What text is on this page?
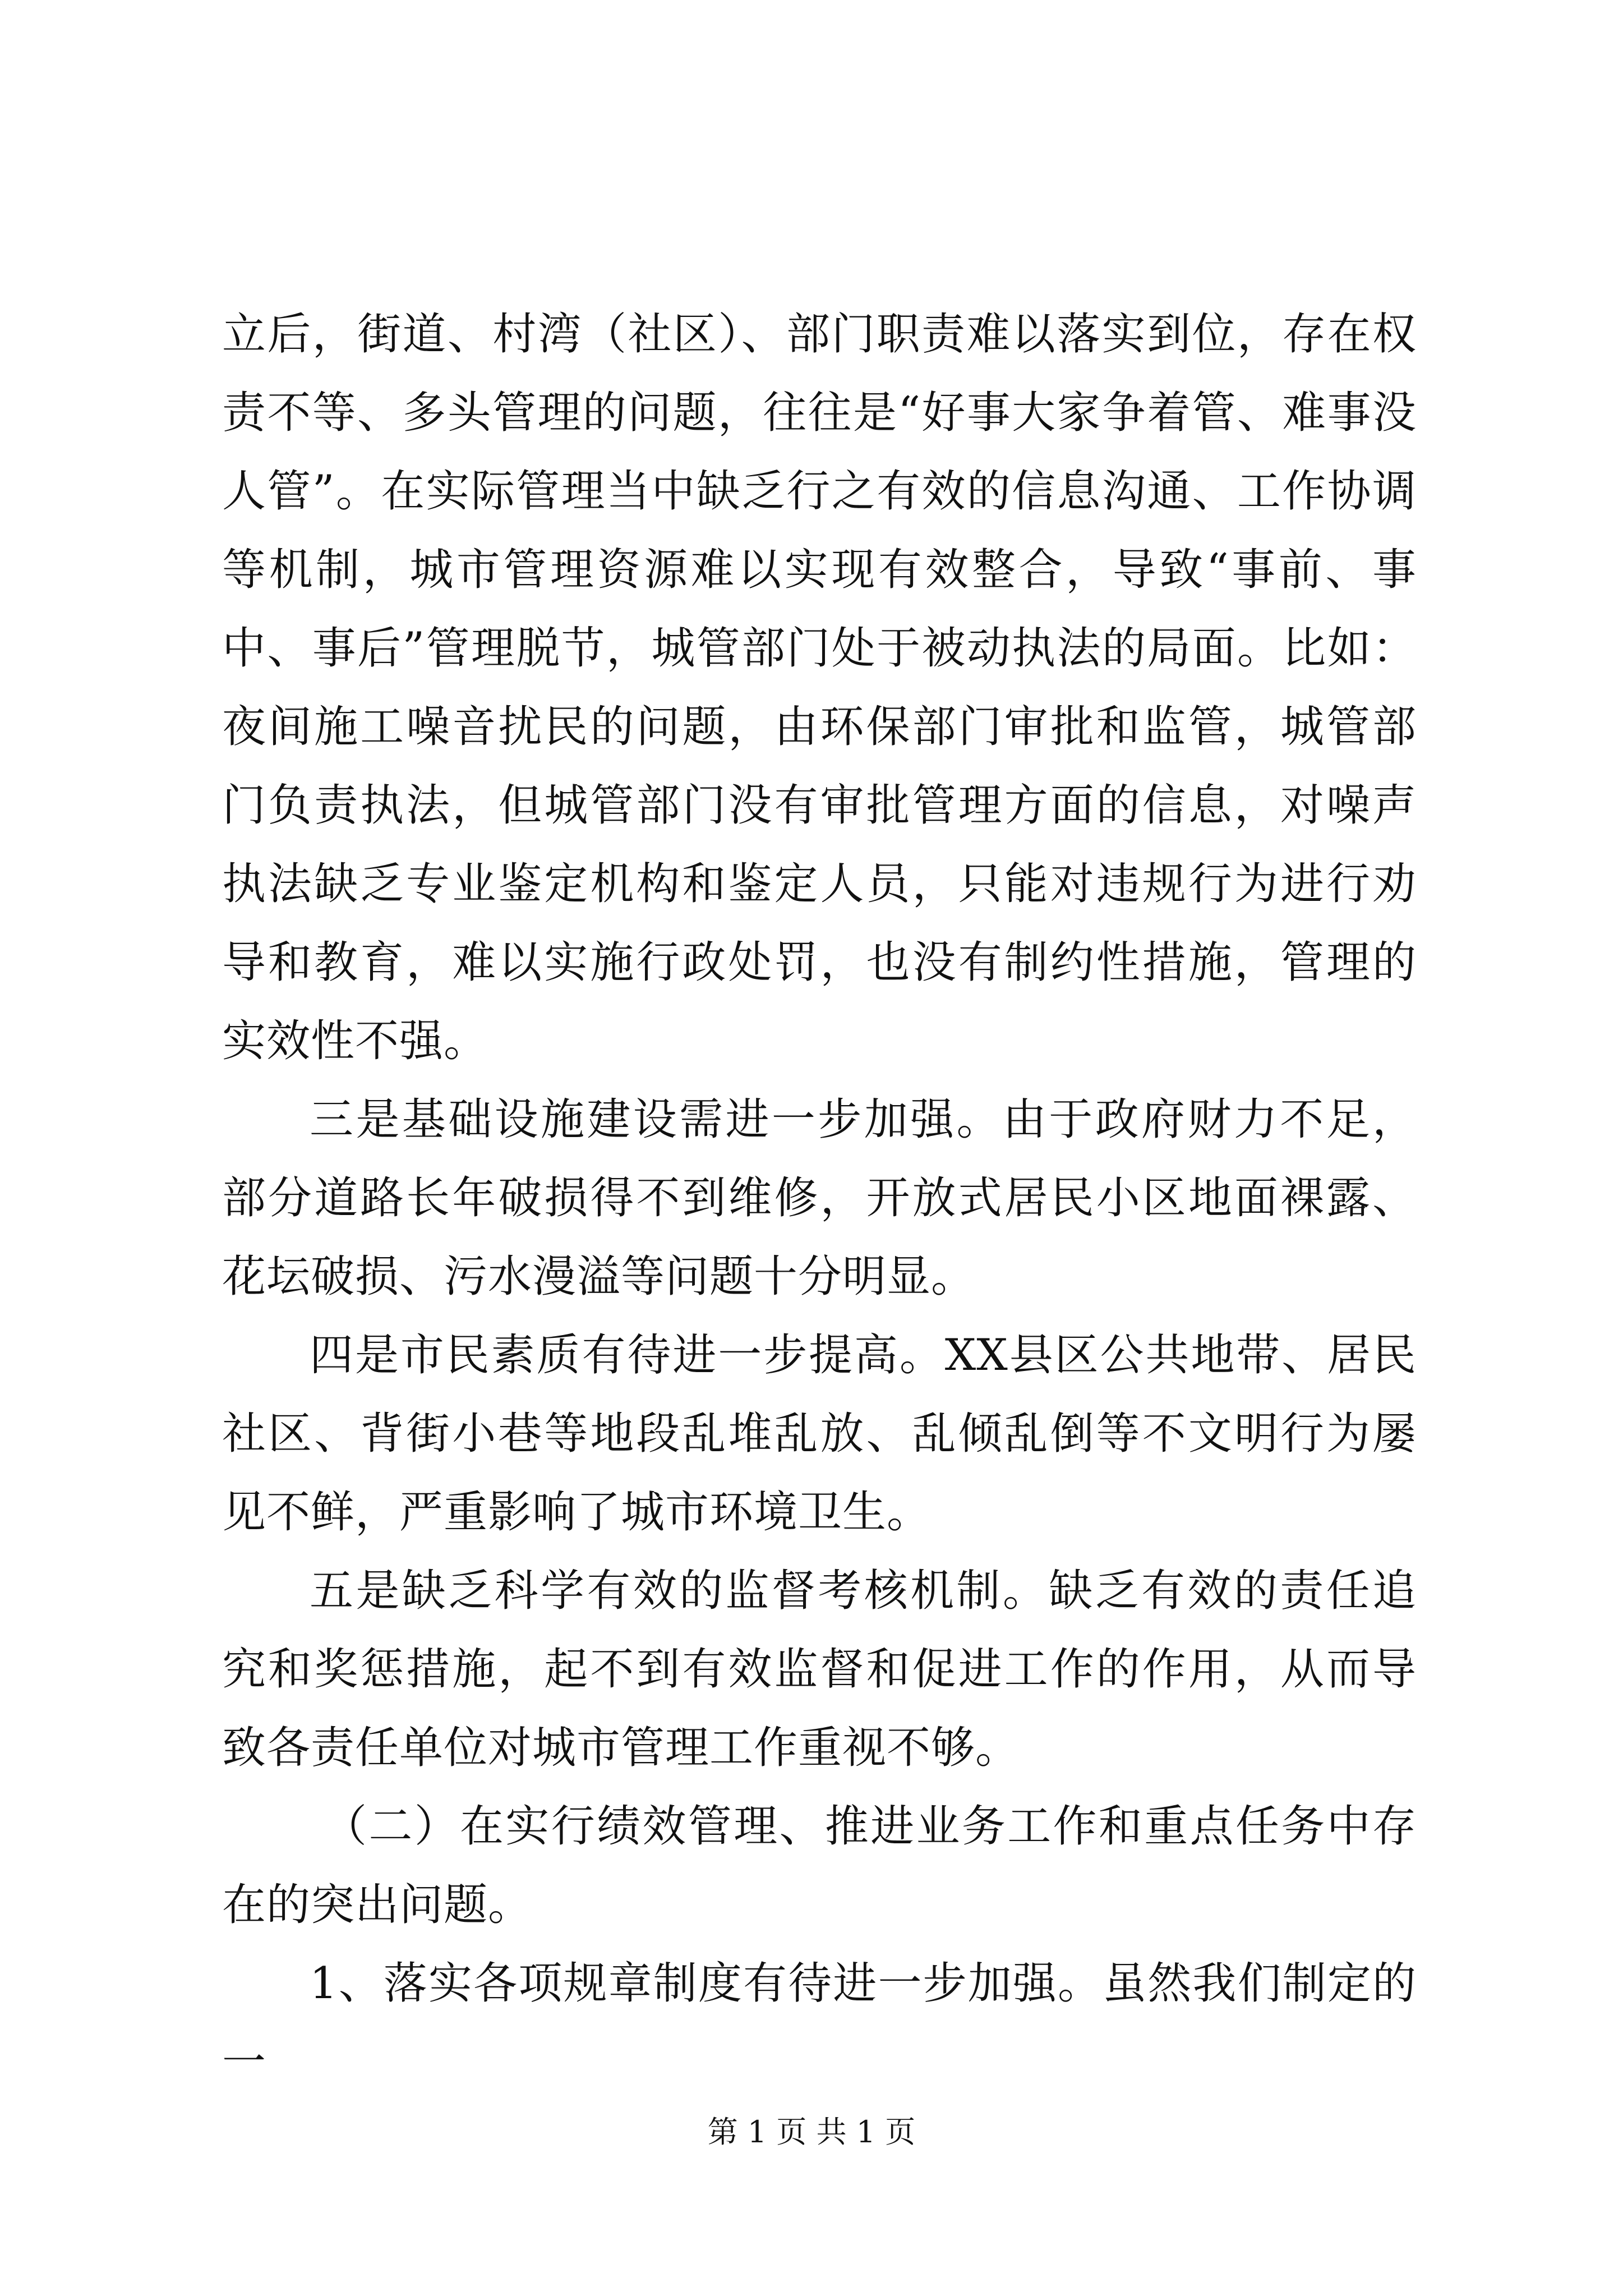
立后，街道、村湾（社区）、部门职责难以落实到位，存在权责不等、多头管理的问题，往往是“好事大家争着管、难事没人管”。在实际管理当中缺乏行之有效的信息沟通、工作协调等机制，城市管理资源难以实现有效整合，导致“事前、事中、事后”管理脱节，城管部门处于被动执法的局面。比如：夜间施工噪音扰民的问题，由环保部门审批和监管，城管部门负责执法，但城管部门没有审批管理方面的信息，对噪声执法缺乏专业鉴定机构和鉴定人员，只能对违规行为进行劝导和教育，难以实施行政处罚，也没有制约性措施，管理的实效性不强。

三是基础设施建设需进一步加强。由于政府财力不足，部分道路长年破损得不到维修，开放式居民小区地面裸露、花坛破损、污水漫溢等问题十分明显。

四是市民素质有待进一步提高。XX县区公共地带、居民社区、背街小巷等地段乱堆乱放、乱倾乱倒等不文明行为屡见不鲜，严重影响了城市环境卫生。

五是缺乏科学有效的监督考核机制。缺乏有效的责任追究和奖惩措施，起不到有效监督和促进工作的作用，从而导致各责任单位对城市管理工作重视不够。

（二）在实行绩效管理、推进业务工作和重点任务中存在的突出问题。

1、落实各项规章制度有待进一步加强。虽然我们制定的一

第 1 页 共 1 页
